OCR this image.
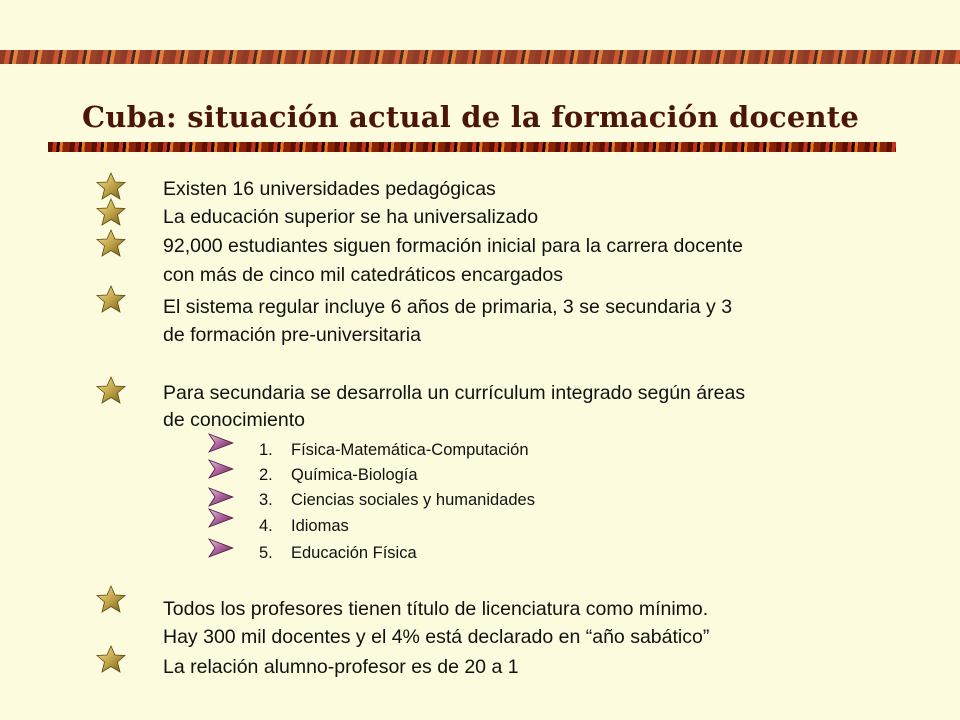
Cuba: situación actual de la formación docente
Existen 16 universidades pedagógicas
La educación superior se ha universalizado
92,000 estudiantes siguen formación inicial para la carrera docente
con más de cinco mil catedráticos encargados
El sistema regular incluye 6 años de primaria, 3 se secundaria y 3
de formación pre-universitaria
Para secundaria se desarrolla un currículum integrado según áreas
de conocimiento
1. Física-Matemática-Computación
2. Química-Biología
3. Ciencias sociales y humanidades
4. Idiomas
5. Educación Física
Todos los profesores tienen título de licenciatura como mínimo.
Hay 300 mil docentes y el 4% está declarado en “año sabático”
La relación alumno-profesor es de 20 a 1
